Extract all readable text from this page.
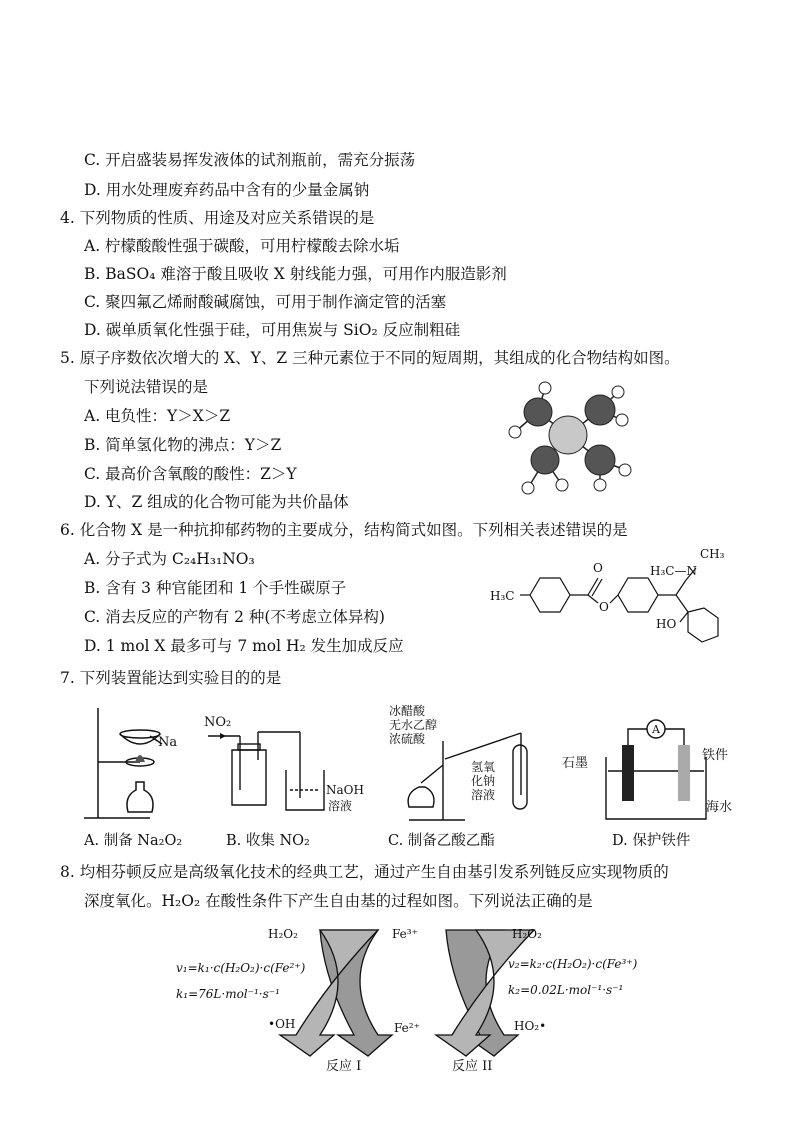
C. 开启盛装易挥发液体的试剂瓶前，需充分振荡
D. 用水处理废弃药品中含有的少量金属钠
4. 下列物质的性质、用途及对应关系错误的是
A. 柠檬酸酸性强于碳酸，可用柠檬酸去除水垢
B. BaSO₄ 难溶于酸且吸收 X 射线能力强，可用作内服造影剂
C. 聚四氟乙烯耐酸碱腐蚀，可用于制作滴定管的活塞
D. 碳单质氧化性强于硅，可用焦炭与 SiO₂ 反应制粗硅
5. 原子序数依次增大的 X、Y、Z 三种元素位于不同的短周期，其组成的化合物结构如图。
下列说法错误的是
A. 电负性：Y＞X＞Z
B. 简单氢化物的沸点：Y＞Z
C. 最高价含氧酸的酸性：Z＞Y
D. Y、Z 组成的化合物可能为共价晶体
6. 化合物 X 是一种抗抑郁药物的主要成分，结构简式如图。下列相关表述错误的是
A. 分子式为 C₂₄H₃₁NO₃
B. 含有 3 种官能团和 1 个手性碳原子
C. 消去反应的产物有 2 种(不考虑立体异构)
D. 1 mol X 最多可与 7 mol H₂ 发生加成反应
H₃C
O
O
H₃C—N
CH₃
HO
7. 下列装置能达到实验目的的是
Na
A. 制备 Na₂O₂
NO₂
NaOH
溶液
B. 收集 NO₂
冰醋酸
无水乙醇
浓硫酸
氢氧
化钠
溶液
C. 制备乙酸乙酯
A
石墨
铁件
海水
D. 保护铁件
8. 均相芬顿反应是高级氧化技术的经典工艺，通过产生自由基引发系列链反应实现物质的
深度氧化。H₂O₂ 在酸性条件下产生自由基的过程如图。下列说法正确的是
H₂O₂	Fe³⁺
v₁=k₁·c(H₂O₂)·c(Fe²⁺)
k₁=76L·mol⁻¹·s⁻¹
•OH	Fe²⁺
反应 I
H₂O₂
v₂=k₂·c(H₂O₂)·c(Fe³⁺)
k₂=0.02L·mol⁻¹·s⁻¹
HO₂•
反应 II
